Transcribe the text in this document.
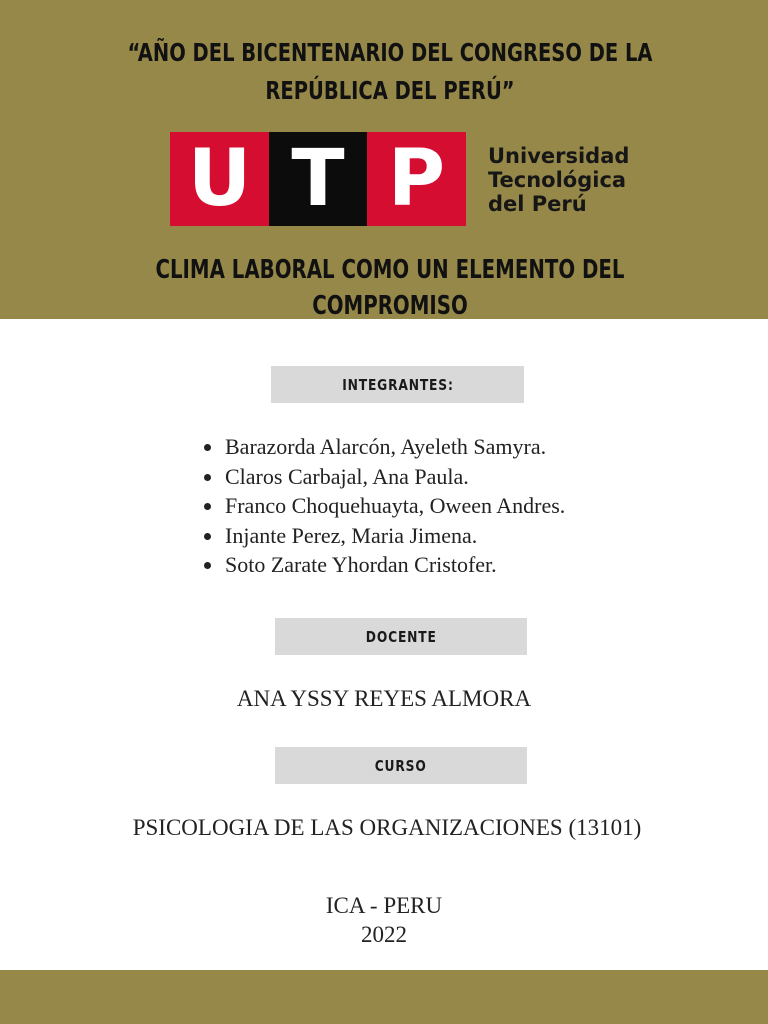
“AÑO DEL BICENTENARIO DEL CONGRESO DE LA REPÚBLICA DEL PERÚ”
U T P	Universidad
Tecnológica
del Perú
CLIMA LABORAL COMO UN ELEMENTO DEL COMPROMISO
INTEGRANTES:
Barazorda Alarcón, Ayeleth Samyra.
Claros Carbajal, Ana Paula.
Franco Choquehuayta, Oween Andres.
Injante Perez, Maria Jimena.
Soto Zarate Yhordan Cristofer.
DOCENTE
ANA YSSY REYES ALMORA
CURSO
PSICOLOGIA DE LAS ORGANIZACIONES (13101)
ICA - PERU
2022
